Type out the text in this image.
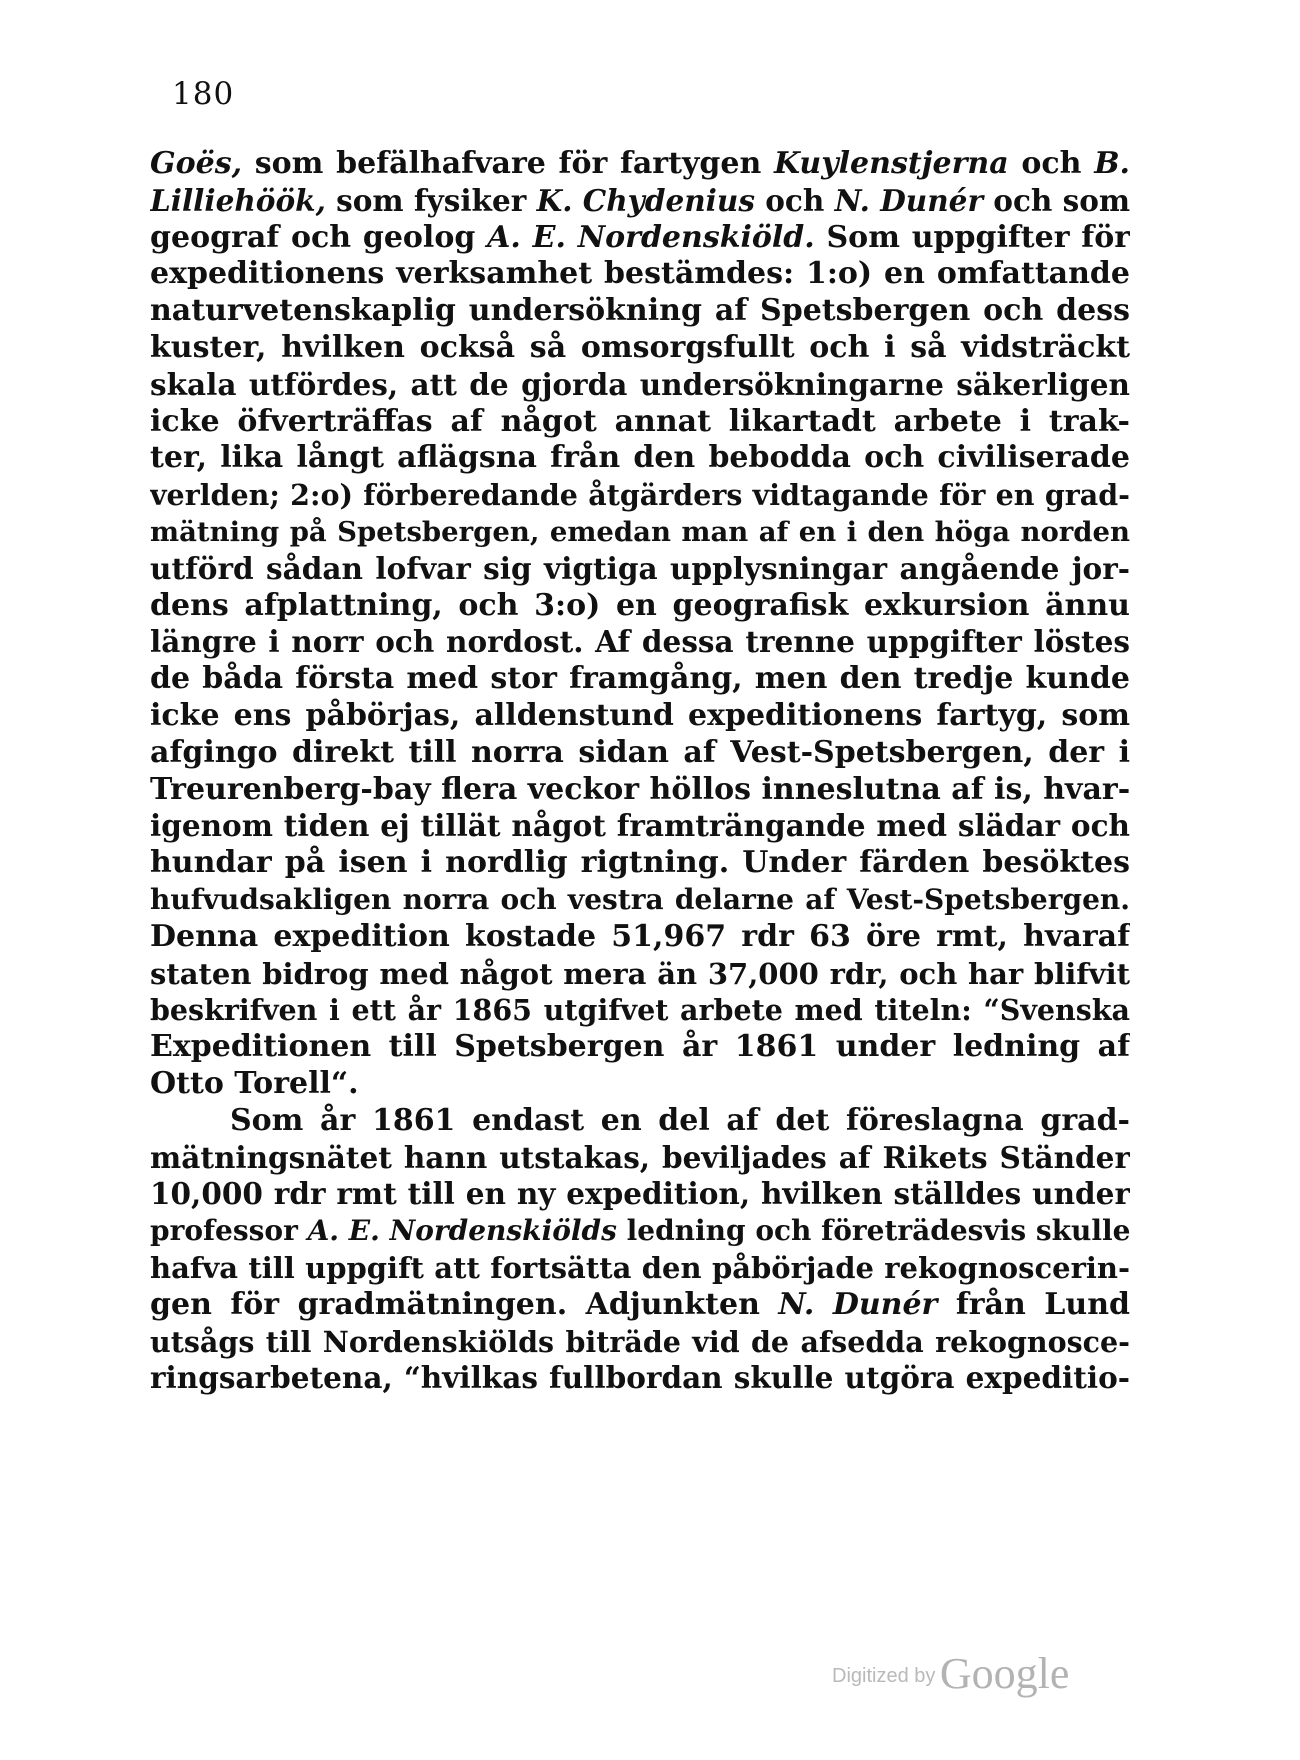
180
Goës, som befälhafvare för fartygen Kuylenstjerna och B.
Lilliehöök, som fysiker K. Chydenius och N. Dunér och som
geograf och geolog A. E. Nordenskiöld. Som uppgifter för
expeditionens verksamhet bestämdes: 1:o) en omfattande
naturvetenskaplig undersökning af Spetsbergen och dess
kuster, hvilken också så omsorgsfullt och i så vidsträckt
skala utfördes, att de gjorda undersökningarne säkerligen
icke öfverträffas af något annat likartadt arbete i trak-
ter, lika långt aflägsna från den bebodda och civiliserade
verlden; 2:o) förberedande åtgärders vidtagande för en grad-
mätning på Spetsbergen, emedan man af en i den höga norden
utförd sådan lofvar sig vigtiga upplysningar angående jor-
dens afplattning, och 3:o) en geografisk exkursion ännu
längre i norr och nordost. Af dessa trenne uppgifter löstes
de båda första med stor framgång, men den tredje kunde
icke ens påbörjas, alldenstund expeditionens fartyg, som
afgingo direkt till norra sidan af Vest-Spetsbergen, der i
Treurenberg-bay flera veckor höllos inneslutna af is, hvar-
igenom tiden ej tillät något framträngande med slädar och
hundar på isen i nordlig rigtning. Under färden besöktes
hufvudsakligen norra och vestra delarne af Vest-Spetsbergen.
Denna expedition kostade 51,967 rdr 63 öre rmt, hvaraf
staten bidrog med något mera än 37,000 rdr, och har blifvit
beskrifven i ett år 1865 utgifvet arbete med titeln: “Svenska
Expeditionen till Spetsbergen år 1861 under ledning af
Otto Torell“.
Som år 1861 endast en del af det föreslagna grad-
mätningsnätet hann utstakas, beviljades af Rikets Ständer
10,000 rdr rmt till en ny expedition, hvilken ställdes under
professor A. E. Nordenskiölds ledning och företrädesvis skulle
hafva till uppgift att fortsätta den påbörjade rekognoscerin-
gen för gradmätningen. Adjunkten N. Dunér från Lund
utsågs till Nordenskiölds biträde vid de afsedda rekognosce-
ringsarbetena, “hvilkas fullbordan skulle utgöra expeditio-
Digitized by Google
